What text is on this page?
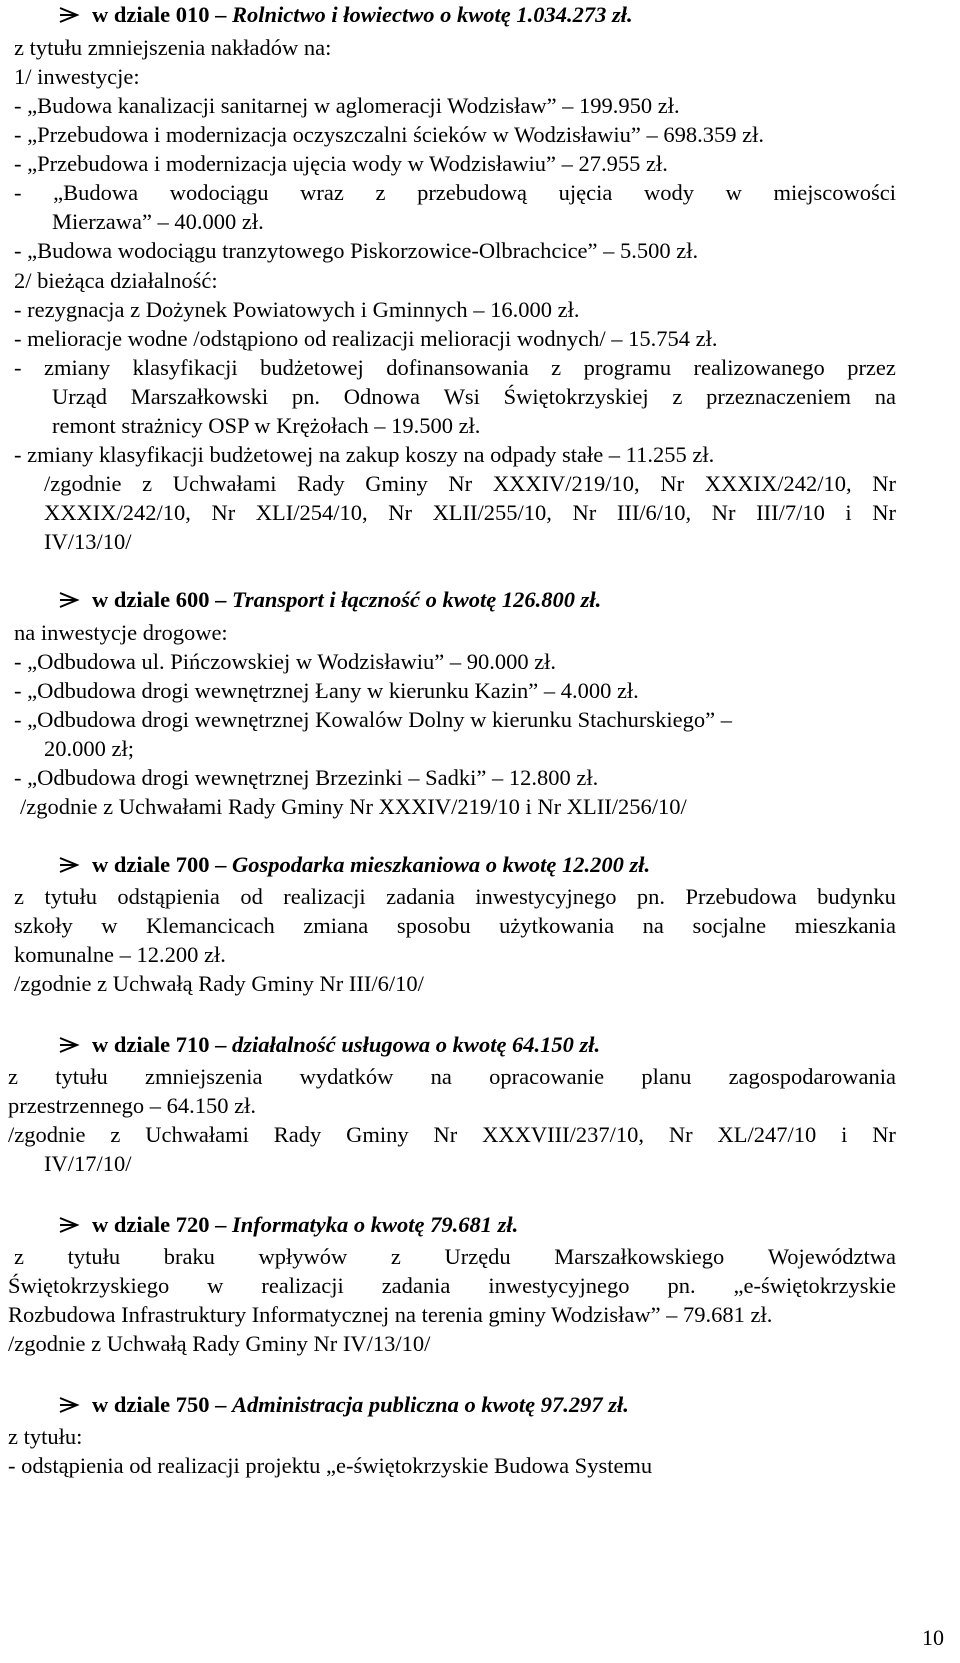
w dziale 010 – Rolnictwo i łowiectwo o kwotę 1.034.273 zł.
z tytułu zmniejszenia nakładów na:
1/ inwestycje:
- „Budowa kanalizacji sanitarnej w aglomeracji Wodzisław” – 199.950 zł.
- „Przebudowa i modernizacja oczyszczalni ścieków w Wodzisławiu” – 698.359 zł.
- „Przebudowa i modernizacja ujęcia wody w Wodzisławiu” – 27.955 zł.
- „Budowa wodociągu wraz z przebudową ujęcia wody w miejscowości
Mierzawa” – 40.000 zł.
- „Budowa wodociągu tranzytowego Piskorzowice-Olbrachcice” – 5.500 zł.
2/ bieżąca działalność:
- rezygnacja z Dożynek Powiatowych i Gminnych – 16.000 zł.
- melioracje wodne /odstąpiono od realizacji melioracji wodnych/ – 15.754 zł.
- zmiany klasyfikacji budżetowej dofinansowania z programu realizowanego przez
Urząd Marszałkowski pn. Odnowa Wsi Świętokrzyskiej z przeznaczeniem na
remont strażnicy OSP w Krężołach – 19.500 zł.
- zmiany klasyfikacji budżetowej na zakup koszy na odpady stałe – 11.255 zł.
/zgodnie z Uchwałami Rady Gminy Nr XXXIV/219/10, Nr XXXIX/242/10, Nr
XXXIX/242/10, Nr XLI/254/10, Nr XLII/255/10, Nr III/6/10, Nr III/7/10 i Nr
IV/13/10/
w dziale 600 – Transport i łączność o kwotę 126.800 zł.
na inwestycje drogowe:
- „Odbudowa ul. Pińczowskiej w Wodzisławiu” – 90.000 zł.
- „Odbudowa drogi wewnętrznej Łany w kierunku Kazin” – 4.000 zł.
- „Odbudowa drogi wewnętrznej Kowalów Dolny w kierunku Stachurskiego” –
20.000 zł;
- „Odbudowa drogi wewnętrznej Brzezinki – Sadki” – 12.800 zł.
/zgodnie z Uchwałami Rady Gminy Nr XXXIV/219/10 i Nr XLII/256/10/
w dziale 700 – Gospodarka mieszkaniowa o kwotę 12.200 zł.
z tytułu odstąpienia od realizacji zadania inwestycyjnego pn. Przebudowa budynku
szkoły w Klemancicach zmiana sposobu użytkowania na socjalne mieszkania
komunalne – 12.200 zł.
/zgodnie z Uchwałą Rady Gminy Nr III/6/10/
w dziale 710 – działalność usługowa o kwotę 64.150 zł.
z tytułu zmniejszenia wydatków na opracowanie planu zagospodarowania
przestrzennego – 64.150 zł.
/zgodnie z Uchwałami Rady Gminy Nr XXXVIII/237/10, Nr XL/247/10 i Nr
IV/17/10/
w dziale 720 – Informatyka o kwotę 79.681 zł.
z tytułu braku wpływów z Urzędu Marszałkowskiego Województwa
Świętokrzyskiego w realizacji zadania inwestycyjnego pn. „e-świętokrzyskie
Rozbudowa Infrastruktury Informatycznej na terenia gminy Wodzisław” – 79.681 zł.
/zgodnie z Uchwałą Rady Gminy Nr IV/13/10/
w dziale 750 – Administracja publiczna o kwotę 97.297 zł.
z tytułu:
- odstąpienia od realizacji projektu „e-świętokrzyskie Budowa Systemu
10
